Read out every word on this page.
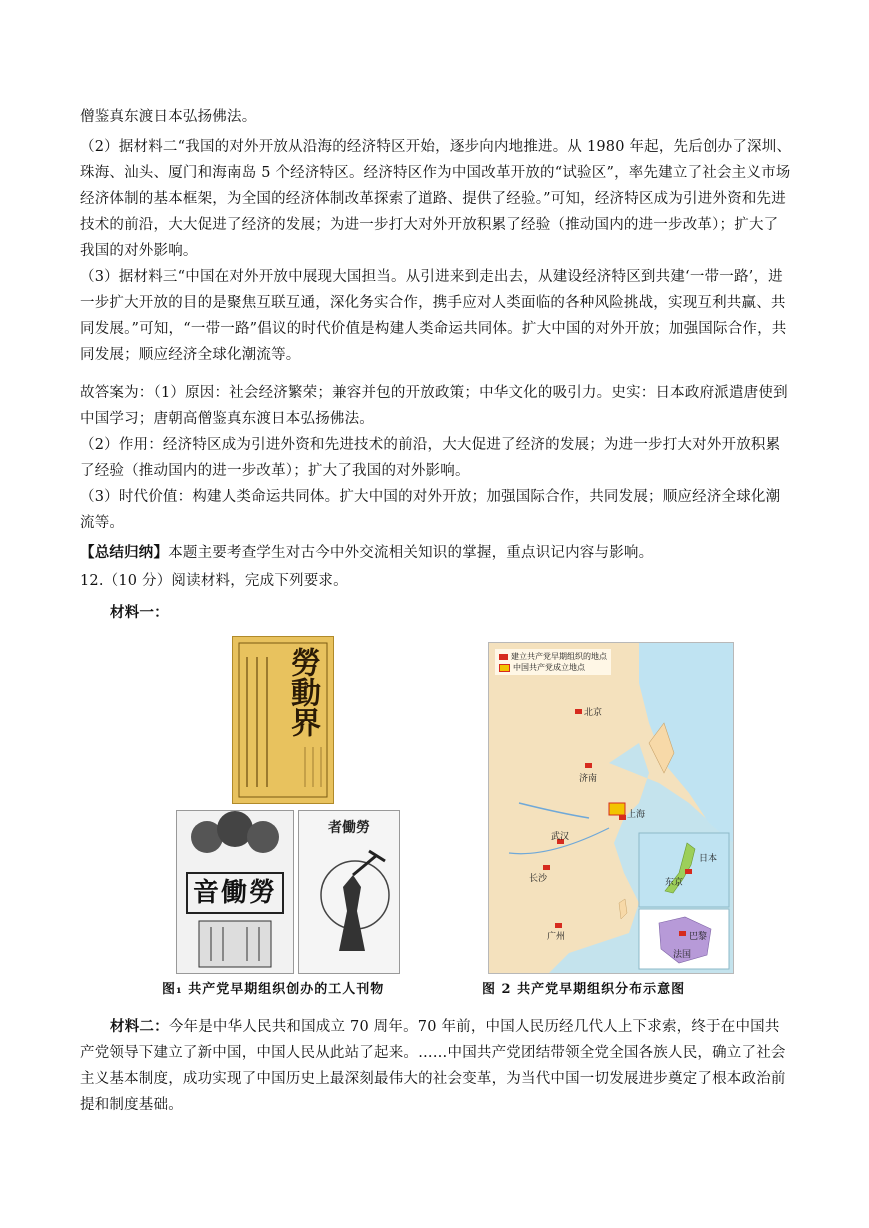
僧鉴真东渡日本弘扬佛法。

（2）据材料二“我国的对外开放从沿海的经济特区开始，逐步向内地推进。从 1980 年起，先后创办了深圳、珠海、汕头、厦门和海南岛 5 个经济特区。经济特区作为中国改革开放的“试验区”，率先建立了社会主义市场经济体制的基本框架，为全国的经济体制改革探索了道路、提供了经验。”可知，经济特区成为引进外资和先进技术的前沿，大大促进了经济的发展；为进一步打大对外开放积累了经验（推动国内的进一步改革）；扩大了我国的对外影响。

（3）据材料三“中国在对外开放中展现大国担当。从引进来到走出去，从建设经济特区到共建‘一带一路’，进一步扩大开放的目的是聚焦互联互通，深化务实合作，携手应对人类面临的各种风险挑战，实现互利共赢、共同发展。”可知，“一带一路”倡议的时代价值是构建人类命运共同体。扩大中国的对外开放；加强国际合作，共同发展；顺应经济全球化潮流等。

故答案为：（1）原因：社会经济繁荣；兼容并包的开放政策；中华文化的吸引力。史实：日本政府派遣唐使到中国学习；唐朝高僧鉴真东渡日本弘扬佛法。

（2）作用：经济特区成为引进外资和先进技术的前沿，大大促进了经济的发展；为进一步打大对外开放积累了经验（推动国内的进一步改革）；扩大了我国的对外影响。

（3）时代价值：构建人类命运共同体。扩大中国的对外开放；加强国际合作，共同发展；顺应经济全球化潮流等。

【总结归纳】本题主要考查学生对古今中外交流相关知识的掌握，重点识记内容与影响。

12.（10 分）阅读材料，完成下列要求。

材料一：

勞動界
音働勞
者働勞
图₁ 共产党早期组织创办的工人刊物
建立共产党早期组织的地点
中国共产党成立地点
北京
济南
上海
武汉
长沙
广州
东京
日本
巴黎
法国
图 2 共产党早期组织分布示意图

材料二：今年是中华人民共和国成立 70 周年。70 年前，中国人民历经几代人上下求索，终于在中国共产党领导下建立了新中国，中国人民从此站了起来。……中国共产党团结带领全党全国各族人民，确立了社会主义基本制度，成功实现了中国历史上最深刻最伟大的社会变革，为当代中国一切发展进步奠定了根本政治前提和制度基础。
